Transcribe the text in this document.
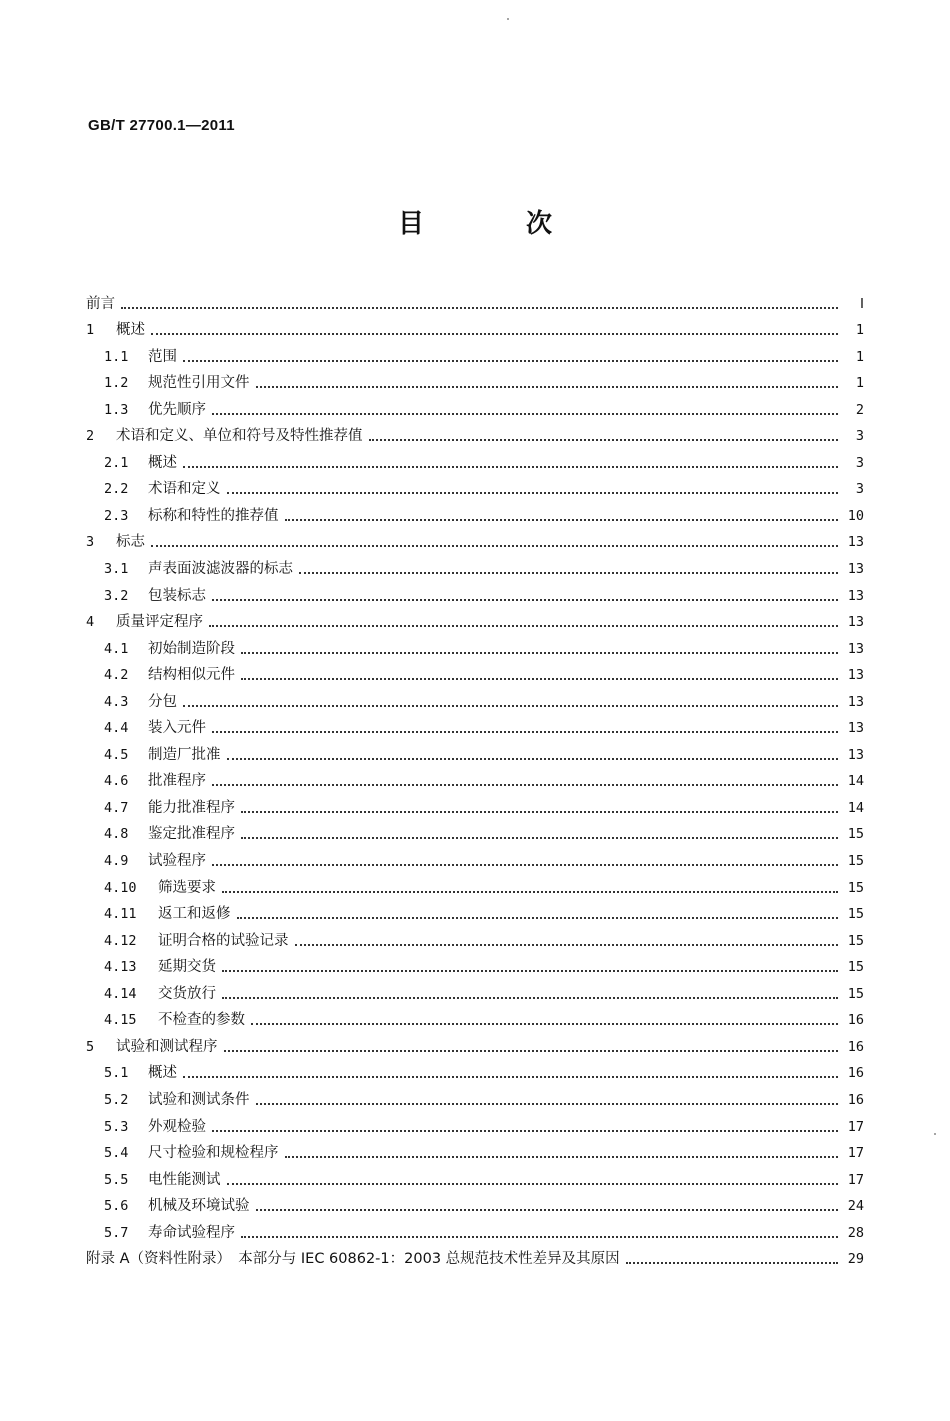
GB/T 27700.1—2011
目　次
前言	Ⅰ
1	概述	1
1.1	范围	1
1.2	规范性引用文件	1
1.3	优先顺序	2
2	术语和定义、单位和符号及特性推荐值	3
2.1	概述	3
2.2	术语和定义	3
2.3	标称和特性的推荐值	10
3	标志	13
3.1	声表面波滤波器的标志	13
3.2	包装标志	13
4	质量评定程序	13
4.1	初始制造阶段	13
4.2	结构相似元件	13
4.3	分包	13
4.4	装入元件	13
4.5	制造厂批准	13
4.6	批准程序	14
4.7	能力批准程序	14
4.8	鉴定批准程序	15
4.9	试验程序	15
4.10	筛选要求	15
4.11	返工和返修	15
4.12	证明合格的试验记录	15
4.13	延期交货	15
4.14	交货放行	15
4.15	不检查的参数	16
5	试验和测试程序	16
5.1	概述	16
5.2	试验和测试条件	16
5.3	外观检验	17
5.4	尺寸检验和规检程序	17
5.5	电性能测试	17
5.6	机械及环境试验	24
5.7	寿命试验程序	28
附录 A（资料性附录）　本部分与 IEC 60862-1：2003 总规范技术性差异及其原因	29
